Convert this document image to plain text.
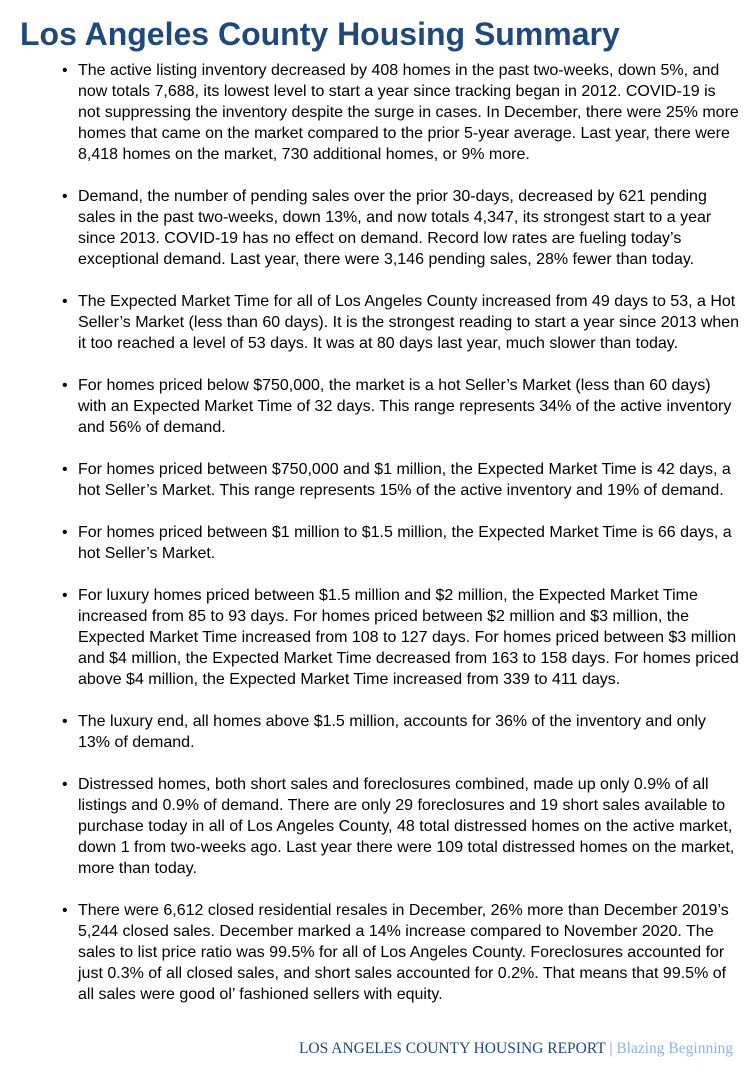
Los Angeles County Housing Summary
• The active listing inventory decreased by 408 homes in the past two-weeks, down 5%, and now totals 7,688, its lowest level to start a year since tracking began in 2012. COVID-19 is not suppressing the inventory despite the surge in cases. In December, there were 25% more homes that came on the market compared to the prior 5-year average. Last year, there were 8,418 homes on the market, 730 additional homes, or 9% more.
• Demand, the number of pending sales over the prior 30-days, decreased by 621 pending sales in the past two-weeks, down 13%, and now totals 4,347, its strongest start to a year since 2013. COVID-19 has no effect on demand. Record low rates are fueling today’s exceptional demand. Last year, there were 3,146 pending sales, 28% fewer than today.
• The Expected Market Time for all of Los Angeles County increased from 49 days to 53, a Hot Seller’s Market (less than 60 days). It is the strongest reading to start a year since 2013 when it too reached a level of 53 days. It was at 80 days last year, much slower than today.
• For homes priced below $750,000, the market is a hot Seller’s Market (less than 60 days) with an Expected Market Time of 32 days. This range represents 34% of the active inventory and 56% of demand.
• For homes priced between $750,000 and $1 million, the Expected Market Time is 42 days, a hot Seller’s Market. This range represents 15% of the active inventory and 19% of demand.
• For homes priced between $1 million to $1.5 million, the Expected Market Time is 66 days, a hot Seller’s Market.
• For luxury homes priced between $1.5 million and $2 million, the Expected Market Time increased from 85 to 93 days. For homes priced between $2 million and $3 million, the Expected Market Time increased from 108 to 127 days. For homes priced between $3 million and $4 million, the Expected Market Time decreased from 163 to 158 days. For homes priced above $4 million, the Expected Market Time increased from 339 to 411 days.
• The luxury end, all homes above $1.5 million, accounts for 36% of the inventory and only 13% of demand.
• Distressed homes, both short sales and foreclosures combined, made up only 0.9% of all listings and 0.9% of demand. There are only 29 foreclosures and 19 short sales available to purchase today in all of Los Angeles County, 48 total distressed homes on the active market, down 1 from two-weeks ago. Last year there were 109 total distressed homes on the market, more than today.
• There were 6,612 closed residential resales in December, 26% more than December 2019’s 5,244 closed sales. December marked a 14% increase compared to November 2020. The sales to list price ratio was 99.5% for all of Los Angeles County. Foreclosures accounted for just 0.3% of all closed sales, and short sales accounted for 0.2%. That means that 99.5% of all sales were good ol’ fashioned sellers with equity.
LOS ANGELES COUNTY HOUSING REPORT | Blazing Beginning
